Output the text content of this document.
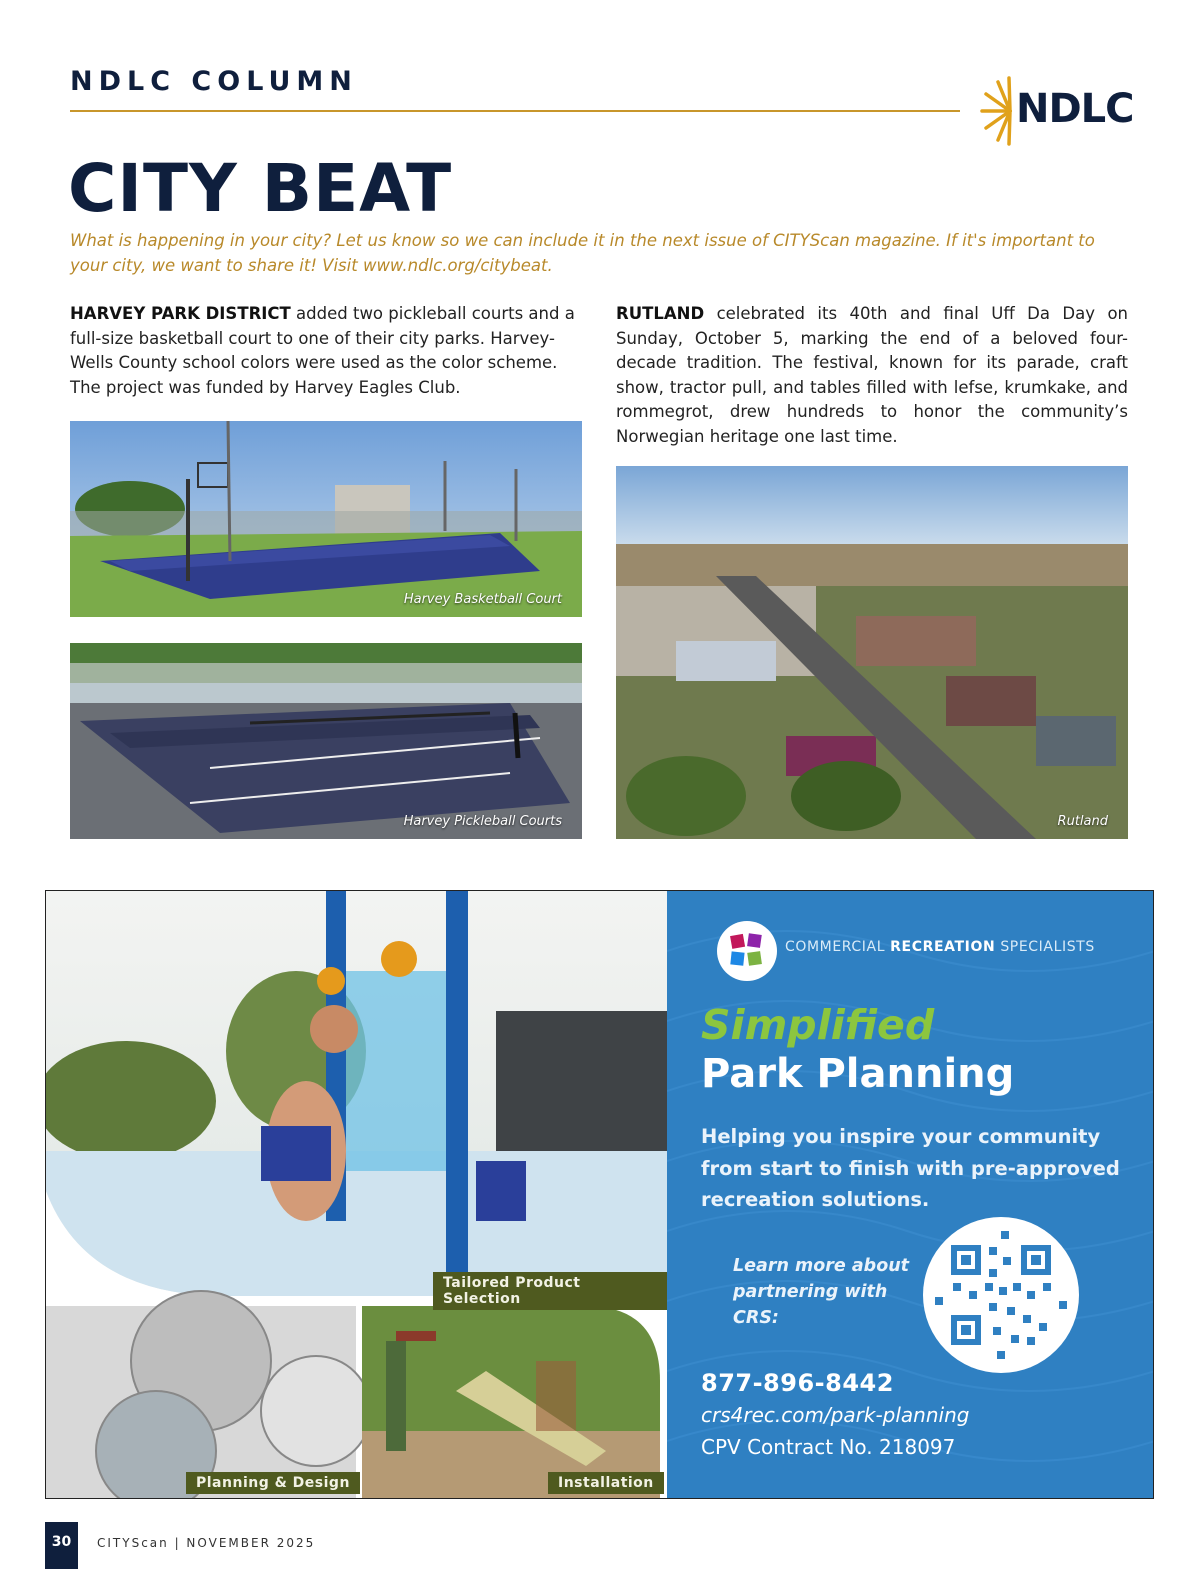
NDLC COLUMN
NDLC
CITY BEAT
What is happening in your city? Let us know so we can include it in the next issue of CITYScan magazine. If it's important to your city, we want to share it! Visit www.ndlc.org/citybeat.
HARVEY PARK DISTRICT added two pickleball courts and a full-size basketball court to one of their city parks. Harvey-Wells County school colors were used as the color scheme. The project was funded by Harvey Eagles Club.
RUTLAND celebrated its 40th and final Uff Da Day on Sunday, October 5, marking the end of a beloved four-decade tradition. The festival, known for its parade, craft show, tractor pull, and tables filled with lefse, krumkake, and rommegrot, drew hundreds to honor the community’s Norwegian heritage one last time.
Harvey Basketball Court
Harvey Pickleball Courts	Rutland
Tailored Product Selection
Planning & Design	Installation
COMMERCIAL RECREATION SPECIALISTS
Simplified
Park Planning
Helping you inspire your community from start to finish with pre-approved recreation solutions.
Learn more about partnering with CRS:
877-896-8442
crs4rec.com/park-planning
CPV Contract No. 218097
30	CITYScan | NOVEMBER 2025
